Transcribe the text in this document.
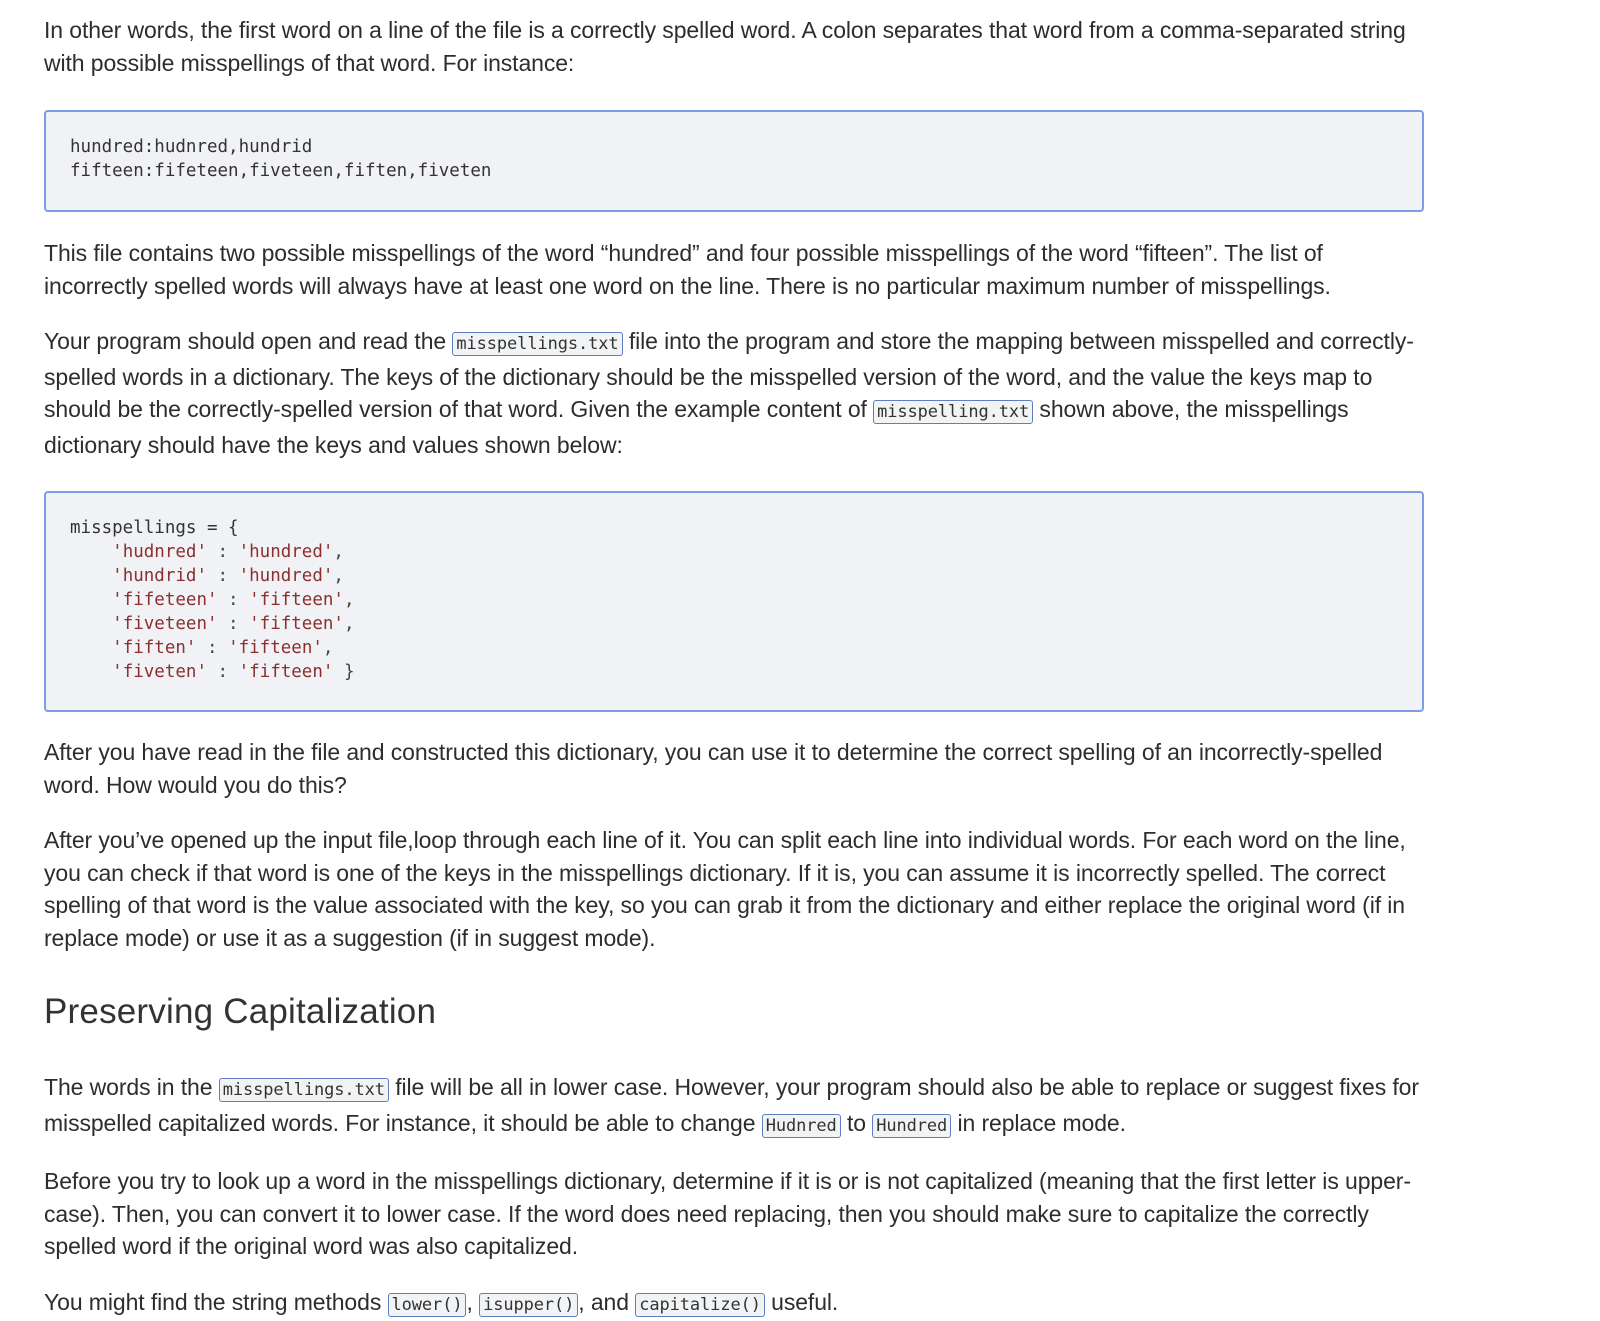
In other words, the first word on a line of the file is a correctly spelled word. A colon separates that word from a comma-separated string with possible misspellings of that word. For instance:

hundred:hudnred,hundrid
fifteen:fifeteen,fiveteen,fiften,fiveten

This file contains two possible misspellings of the word “hundred” and four possible misspellings of the word “fifteen”. The list of incorrectly spelled words will always have at least one word on the line. There is no particular maximum number of misspellings.

Your program should open and read the misspellings.txt file into the program and store the mapping between misspelled and correctly-spelled words in a dictionary. The keys of the dictionary should be the misspelled version of the word, and the value the keys map to should be the correctly-spelled version of that word. Given the example content of misspelling.txt shown above, the misspellings dictionary should have the keys and values shown below:

misspellings = {
'hudnred' : 'hundred',
'hundrid' : 'hundred',
'fifeteen' : 'fifteen',
'fiveteen' : 'fifteen',
'fiften' : 'fifteen',
'fiveten' : 'fifteen' }

After you have read in the file and constructed this dictionary, you can use it to determine the correct spelling of an incorrectly-spelled word. How would you do this?

After you’ve opened up the input file,loop through each line of it. You can split each line into individual words. For each word on the line, you can check if that word is one of the keys in the misspellings dictionary. If it is, you can assume it is incorrectly spelled. The correct spelling of that word is the value associated with the key, so you can grab it from the dictionary and either replace the original word (if in replace mode) or use it as a suggestion (if in suggest mode).

Preserving Capitalization

The words in the misspellings.txt file will be all in lower case. However, your program should also be able to replace or suggest fixes for misspelled capitalized words. For instance, it should be able to change Hudnred to Hundred in replace mode.

Before you try to look up a word in the misspellings dictionary, determine if it is or is not capitalized (meaning that the first letter is upper-case). Then, you can convert it to lower case. If the word does need replacing, then you should make sure to capitalize the correctly spelled word if the original word was also capitalized.

You might find the string methods lower() , isupper() , and capitalize() useful.
